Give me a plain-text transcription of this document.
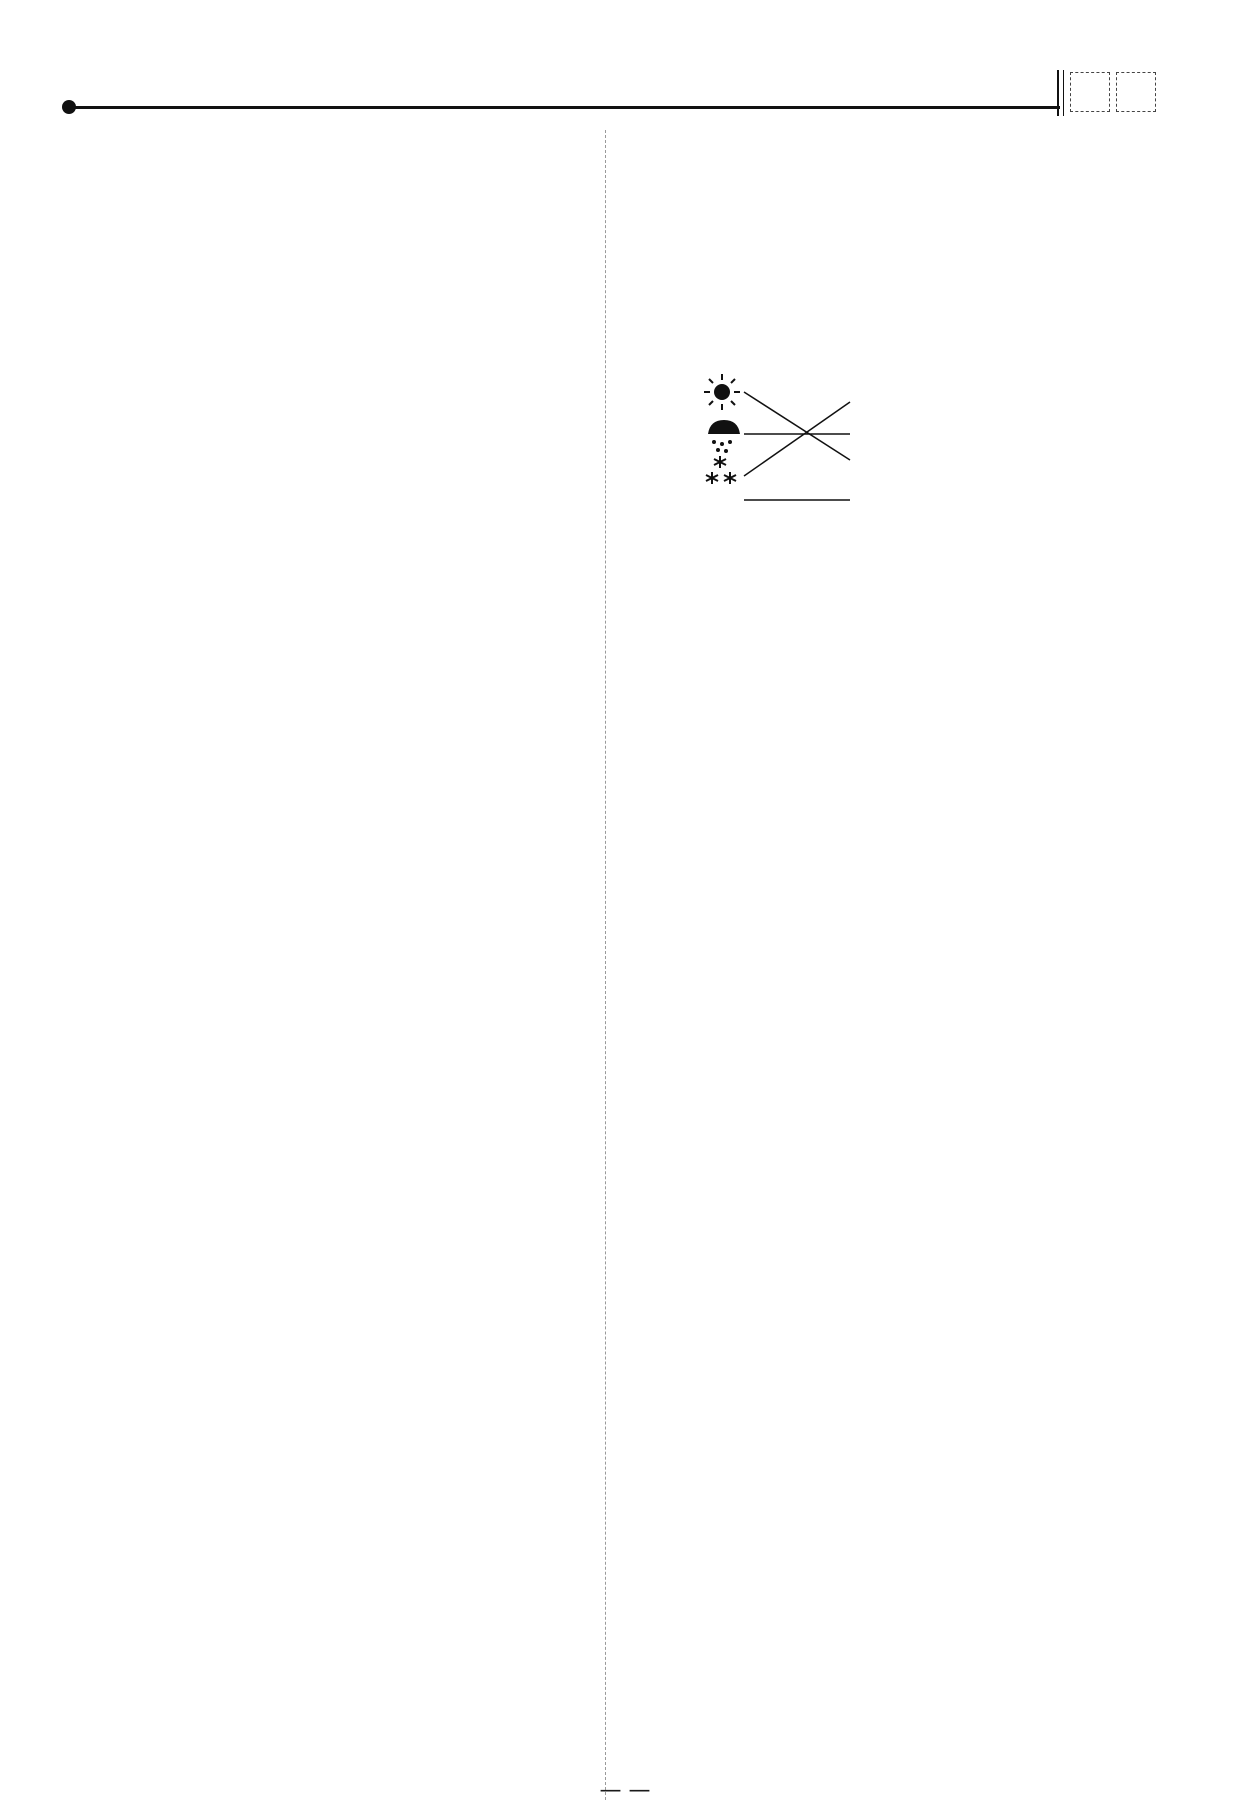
— —
